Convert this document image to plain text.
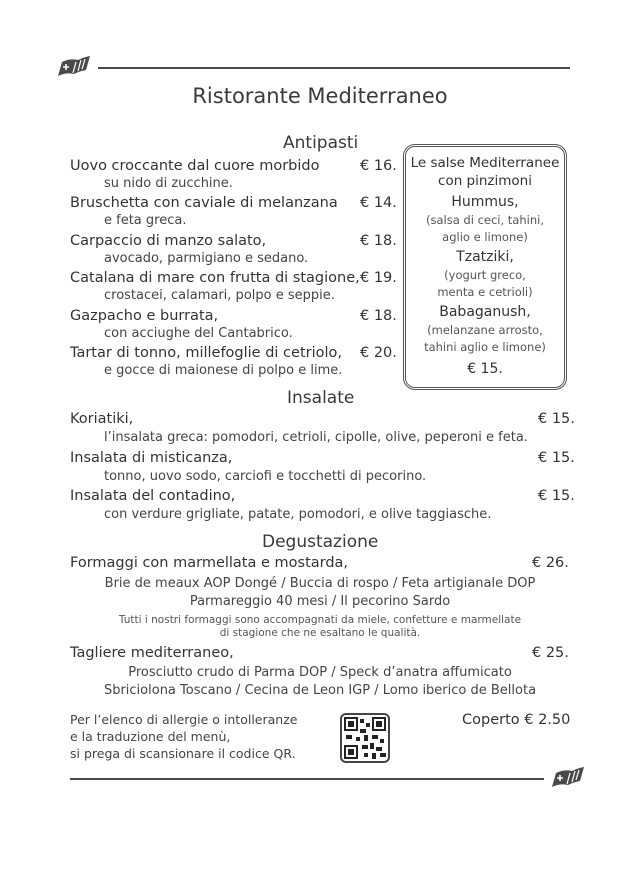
Ristorante Mediterraneo
Antipasti
Uovo croccante dal cuore morbido
su nido di zucchine.
€ 16.
Bruschetta con caviale di melanzana
e feta greca.
€ 14.
Carpaccio di manzo salato,
avocado, parmigiano e sedano.
€ 18.
Catalana di mare con frutta di stagione,
crostacei, calamari, polpo e seppie.
€ 19.
Gazpacho e burrata,
con acciughe del Cantabrico.
€ 18.
Tartar di tonno, millefoglie di cetriolo,
e gocce di maionese di polpo e lime.
€ 20.
Le salse Mediterranee
con pinzimoni
Hummus,
(salsa di ceci, tahini,
aglio e limone)
Tzatziki,
(yogurt greco,
menta e cetrioli)
Babaganush,
(melanzane arrosto,
tahini aglio e limone)
€ 15.
Insalate
Koriatiki,
l’insalata greca: pomodori, cetrioli, cipolle, olive, peperoni e feta.
€ 15.
Insalata di misticanza,
tonno, uovo sodo, carciofi e tocchetti di pecorino.
€ 15.
Insalata del contadino,
con verdure grigliate, patate, pomodori, e olive taggiasche.
€ 15.
Degustazione
Formaggi con marmellata e mostarda,	€ 26.
Brie de meaux AOP Dongé / Buccia di rospo / Feta artigianale DOP
Parmareggio 40 mesi / Il pecorino Sardo
Tutti i nostri formaggi sono accompagnati da miele, confetture e marmellate
di stagione che ne esaltano le qualità.
Tagliere mediterraneo,	€ 25.
Prosciutto crudo di Parma DOP / Speck d’anatra affumicato
Sbriciolona Toscano / Cecina de Leon IGP / Lomo iberico de Bellota
Per l’elenco di allergie o intolleranze
e la traduzione del menù,
si prega di scansionare il codice QR.
Coperto € 2.50
